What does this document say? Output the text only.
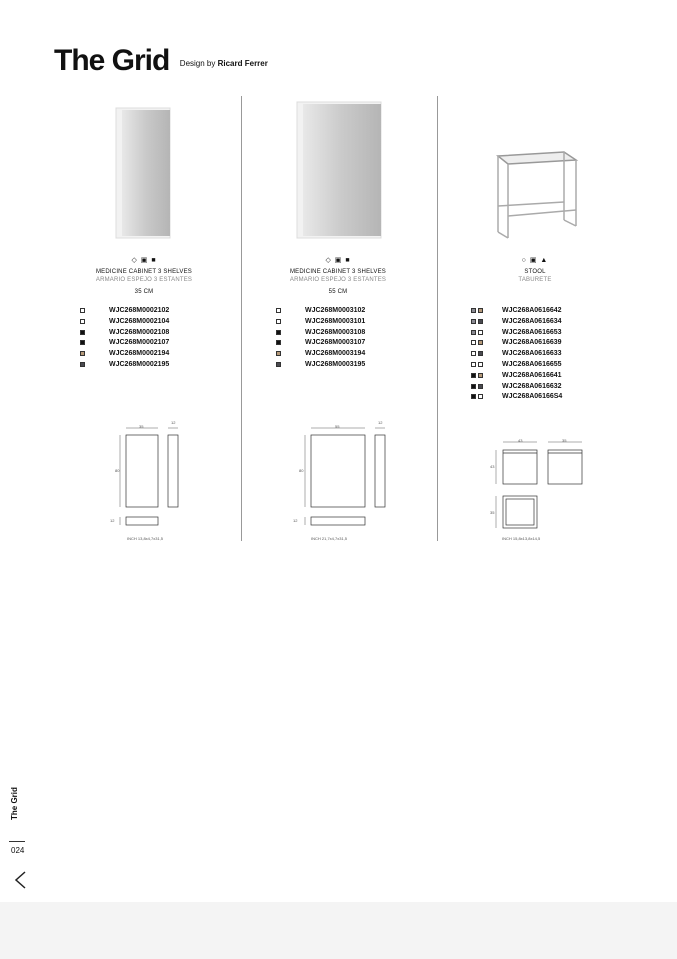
The Grid Design by Ricard Ferrer
◇ ▣ ■
MEDICINE CABINET 3 SHELVES
ARMARIO ESPEJO 3 ESTANTES
35 CM
WJC268M0002102
WJC268M0002104
WJC268M0002108
WJC268M0002107
WJC268M0002194
WJC268M0002195
35
12
80
12
INCH 13,8x4,7x31,5
◇ ▣ ■
MEDICINE CABINET 3 SHELVES
ARMARIO ESPEJO 3 ESTANTES
55 CM
WJC268M0003102
WJC268M0003101
WJC268M0003108
WJC268M0003107
WJC268M0003194
WJC268M0003195
55
12
80
12
INCH 21,7x4,7x31,5
○ ▣ ▲
STOOL
TABURETE
WJC268A0616642
WJC268A0616634
WJC268A0616653
WJC268A0616639
WJC268A0616633
WJC268A0616655
WJC268A0616641
WJC268A0616632
WJC268A06166S4
43	35
43
35
INCH 15,8x13,8x14,5
The Grid
024
